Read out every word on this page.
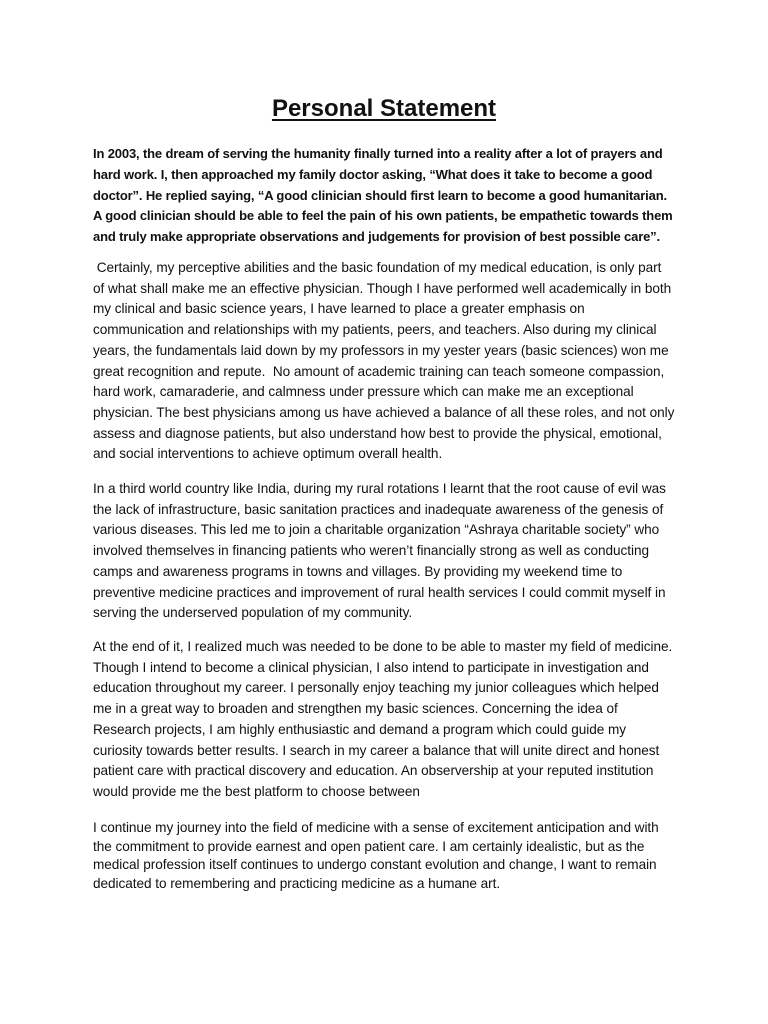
Personal Statement

In 2003, the dream of serving the humanity finally turned into a reality after a lot of prayers and hard work. I, then approached my family doctor asking, “What does it take to become a good doctor”. He replied saying, “A good clinician should first learn to become a good humanitarian. A good clinician should be able to feel the pain of his own patients, be empathetic towards them and truly make appropriate observations and judgements for provision of best possible care”.

Certainly, my perceptive abilities and the basic foundation of my medical education, is only part of what shall make me an effective physician. Though I have performed well academically in both my clinical and basic science years, I have learned to place a greater emphasis on communication and relationships with my patients, peers, and teachers. Also during my clinical years, the fundamentals laid down by my professors in my yester years (basic sciences) won me great recognition and repute.  No amount of academic training can teach someone compassion, hard work, camaraderie, and calmness under pressure which can make me an exceptional physician. The best physicians among us have achieved a balance of all these roles, and not only assess and diagnose patients, but also understand how best to provide the physical, emotional, and social interventions to achieve optimum overall health.

In a third world country like India, during my rural rotations I learnt that the root cause of evil was the lack of infrastructure, basic sanitation practices and inadequate awareness of the genesis of various diseases. This led me to join a charitable organization “Ashraya charitable society” who involved themselves in financing patients who weren’t financially strong as well as conducting camps and awareness programs in towns and villages. By providing my weekend time to preventive medicine practices and improvement of rural health services I could commit myself in serving the underserved population of my community.

At the end of it, I realized much was needed to be done to be able to master my field of medicine. Though I intend to become a clinical physician, I also intend to participate in investigation and education throughout my career. I personally enjoy teaching my junior colleagues which helped me in a great way to broaden and strengthen my basic sciences. Concerning the idea of Research projects, I am highly enthusiastic and demand a program which could guide my curiosity towards better results. I search in my career a balance that will unite direct and honest patient care with practical discovery and education. An observership at your reputed institution would provide me the best platform to choose between

I continue my journey into the field of medicine with a sense of excitement anticipation and with the commitment to provide earnest and open patient care. I am certainly idealistic, but as the medical profession itself continues to undergo constant evolution and change, I want to remain dedicated to remembering and practicing medicine as a humane art.
